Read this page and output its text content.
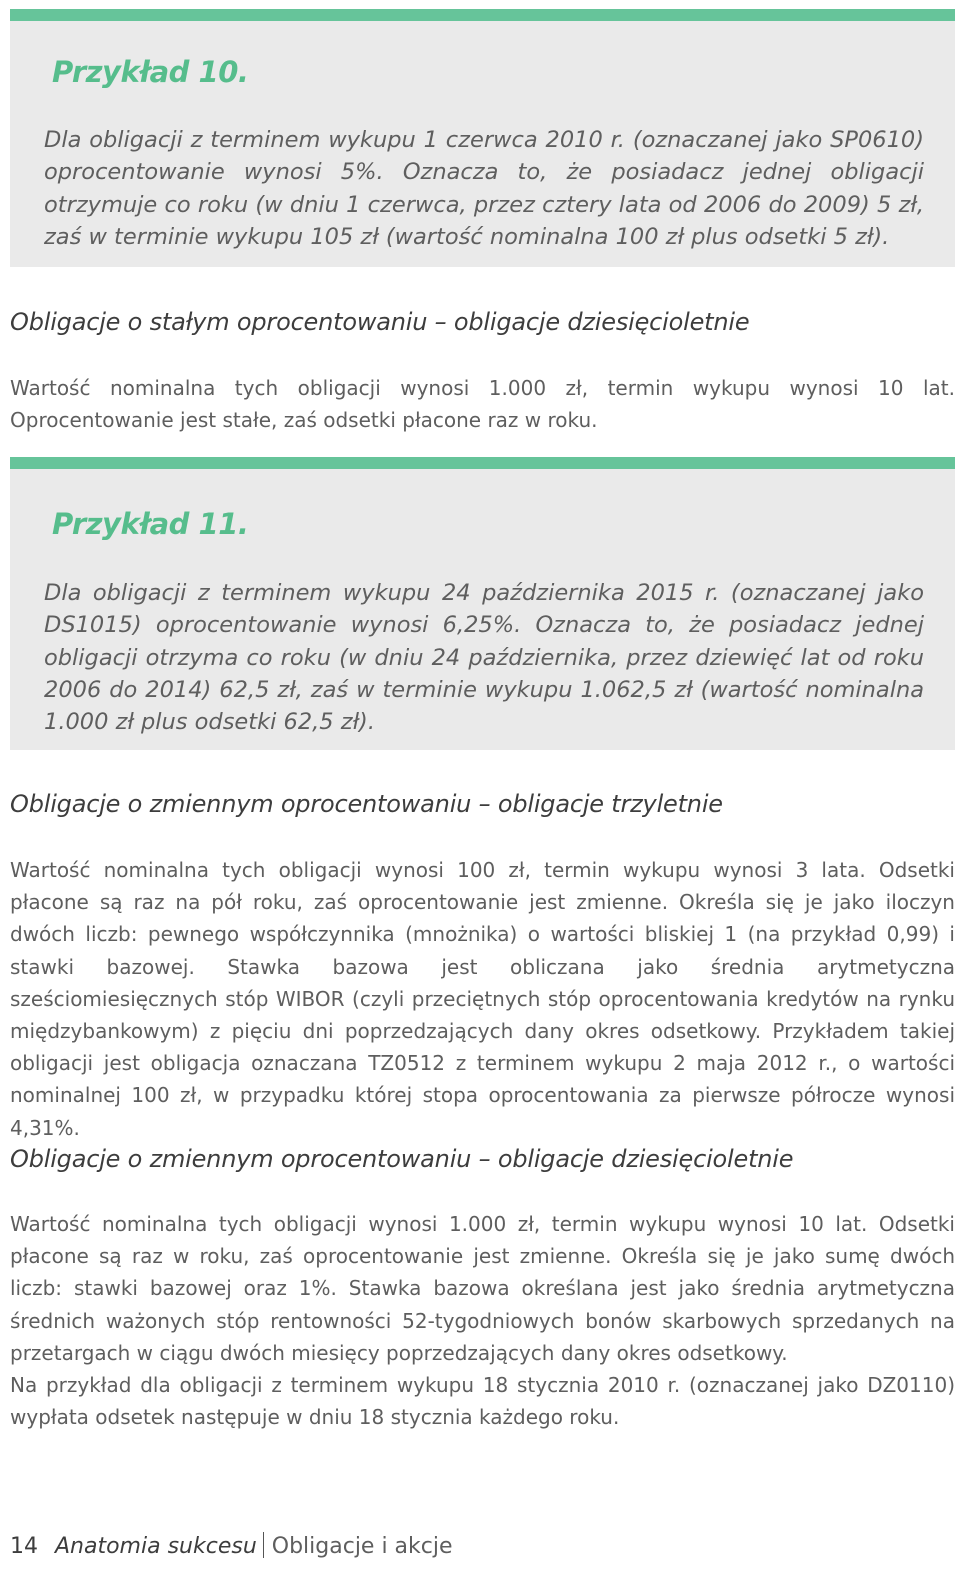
Przykład 10.

Dla obligacji z terminem wykupu 1 czerwca 2010 r. (oznaczanej jako SP0610) oprocentowanie wynosi 5%. Oznacza to, że posiadacz jednej obligacji otrzymuje co roku (w dniu 1 czerwca, przez cztery lata od 2006 do 2009) 5 zł, zaś w terminie wykupu 105 zł (wartość nominalna 100 zł plus odsetki 5 zł).

Obligacje o stałym oprocentowaniu – obligacje dziesięcioletnie

Wartość nominalna tych obligacji wynosi 1.000 zł, termin wykupu wynosi 10 lat. Oprocentowanie jest stałe, zaś odsetki płacone raz w roku.

Przykład 11.

Dla obligacji z terminem wykupu 24 października 2015 r. (oznaczanej jako DS1015) oprocentowanie wynosi 6,25%. Oznacza to, że posiadacz jednej obligacji otrzyma co roku (w dniu 24 października, przez dziewięć lat od roku 2006 do 2014) 62,5 zł, zaś w terminie wykupu 1.062,5 zł (wartość nominalna 1.000 zł plus odsetki 62,5 zł).

Obligacje o zmiennym oprocentowaniu – obligacje trzyletnie

Wartość nominalna tych obligacji wynosi 100 zł, termin wykupu wynosi 3 lata. Odsetki płacone są raz na pół roku, zaś oprocentowanie jest zmienne. Określa się je jako iloczyn dwóch liczb: pewnego współczynnika (mnożnika) o wartości bliskiej 1 (na przykład 0,99) i stawki bazowej. Stawka bazowa jest obliczana jako średnia arytmetyczna sześciomiesięcznych stóp WIBOR (czyli przeciętnych stóp oprocentowania kredytów na rynku międzybankowym) z pięciu dni poprzedzających dany okres odsetkowy. Przykładem takiej obligacji jest obligacja oznaczana TZ0512 z terminem wykupu 2 maja 2012 r., o wartości nominalnej 100 zł, w przypadku której stopa oprocentowania za pierwsze półrocze wynosi 4,31%.

Obligacje o zmiennym oprocentowaniu – obligacje dziesięcioletnie

Wartość nominalna tych obligacji wynosi 1.000 zł, termin wykupu wynosi 10 lat. Odsetki płacone są raz w roku, zaś oprocentowanie jest zmienne. Określa się je jako sumę dwóch liczb: stawki bazowej oraz 1%. Stawka bazowa określana jest jako średnia arytmetyczna średnich ważonych stóp rentowności 52-tygodniowych bonów skarbowych sprzedanych na przetargach w ciągu dwóch miesięcy poprzedzających dany okres odsetkowy.

Na przykład dla obligacji z terminem wykupu 18 stycznia 2010 r. (oznaczanej jako DZ0110) wypłata odsetek następuje w dniu 18 stycznia każdego roku.

14 Anatomia sukcesu Obligacje i akcje
